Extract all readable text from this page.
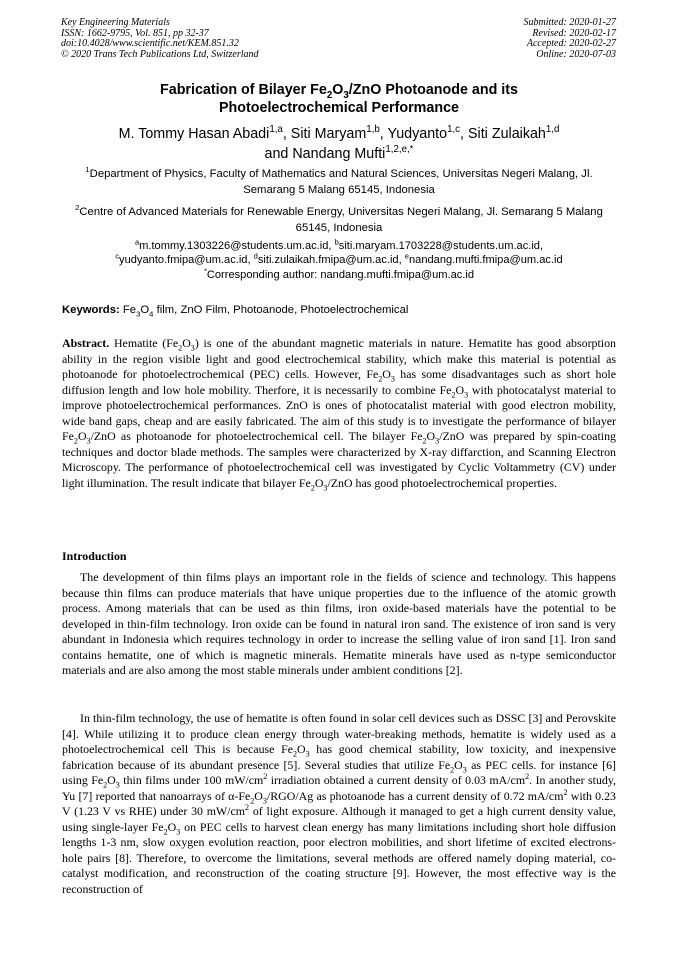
Key Engineering Materials
ISSN: 1662-9795, Vol. 851, pp 32-37
doi:10.4028/www.scientific.net/KEM.851.32
© 2020 Trans Tech Publications Ltd, Switzerland
Submitted: 2020-01-27
Revised: 2020-02-17
Accepted: 2020-02-27
Online: 2020-07-03
Fabrication of Bilayer $Fe_2O_3$/ZnO Photoanode and its
Photoelectrochemical Performance
M. Tommy Hasan Abadi$^{1,a}$, Siti Maryam$^{1,b}$, Yudyanto$^{1,c}$, Siti Zulaikah$^{1,d}$
and Nandang Mufti$^{1,2,e,*}$
$^1$Department of Physics, Faculty of Mathematics and Natural Sciences, Universitas Negeri Malang, Jl. Semarang 5 Malang 65145, Indonesia
$^2$Centre of Advanced Materials for Renewable Energy, Universitas Negeri Malang, Jl. Semarang 5 Malang 65145, Indonesia
$^a$m.tommy.1303226@students.um.ac.id, $^b$siti.maryam.1703228@students.um.ac.id,
$^c$yudyanto.fmipa@um.ac.id, $^d$siti.zulaikah.fmipa@um.ac.id, $^e$nandang.mufti.fmipa@um.ac.id
*Corresponding author: nandang.mufti.fmipa@um.ac.id
Keywords: $Fe_3O_4$ film, ZnO Film, Photoanode, Photoelectrochemical
Abstract. Hematite $(Fe_2O_3)$ is one of the abundant magnetic materials in nature. Hematite has good absorption ability in the region visible light and good electrochemical stability, which make this material is potential as photoanode for photoelectrochemical (PEC) cells. However, $Fe_2O_3$ has some disadvantages such as short hole diffusion length and low hole mobility. Therfore, it is necessarily to combine $Fe_2O_3$ with photocatalyst material to improve photoelectrochemical performances. ZnO is ones of photocatalist material with good electron mobility, wide band gaps, cheap and are easily fabricated. The aim of this study is to investigate the performance of bilayer $Fe_2O_3$/ZnO as photoanode for photoelectrochemical cell. The bilayer $Fe_2O_3$/ZnO was prepared by spin-coating techniques and doctor blade methods. The samples were characterized by X-ray diffarction, and Scanning Electron Microscopy. The performance of photoelectrochemical cell was investigated by Cyclic Voltammetry (CV) under light illumination. The result indicate that bilayer $Fe_2O_3$/ZnO has good photoelectrochemical properties.
Introduction
The development of thin films plays an important role in the fields of science and technology. This happens because thin films can produce materials that have unique properties due to the influence of the atomic growth process. Among materials that can be used as thin films, iron oxide-based materials have the potential to be developed in thin-film technology. Iron oxide can be found in natural iron sand. The existence of iron sand is very abundant in Indonesia which requires technology in order to increase the selling value of iron sand [1]. Iron sand contains hematite, one of which is magnetic minerals. Hematite minerals have used as n-type semiconductor materials and are also among the most stable minerals under ambient conditions [2].
In thin-film technology, the use of hematite is often found in solar cell devices such as DSSC [3] and Perovskite [4]. While utilizing it to produce clean energy through water-breaking methods, hematite is widely used as a photoelectrochemical cell This is because $Fe_2O_3$ has good chemical stability, low toxicity, and inexpensive fabrication because of its abundant presence [5]. Several studies that utilize $Fe_2O_3$ as PEC cells. for instance [6] using $Fe_2O_3$ thin films under 100 $mW/cm^2$ irradiation obtained a current density of 0.03 $mA/cm^2$. In another study, Yu [7] reported that nanoarrays of $\alpha-Fe_2O_3/RGO/Ag$ as photoanode has a current density of 0.72 $mA/cm^2$ with 0.23 V (1.23 V vs RHE) under 30 $mW/cm^2$ of light exposure. Although it managed to get a high current density value, using single-layer $Fe_2O_3$ on PEC cells to harvest clean energy has many limitations including short hole diffusion lengths 1-3 nm, slow oxygen evolution reaction, poor electron mobilities, and short lifetime of excited electrons-hole pairs [8]. Therefore, to overcome the limitations, several methods are offered namely doping material, co-catalyst modification, and reconstruction of the coating structure [9]. However, the most effective way is the reconstruction of
